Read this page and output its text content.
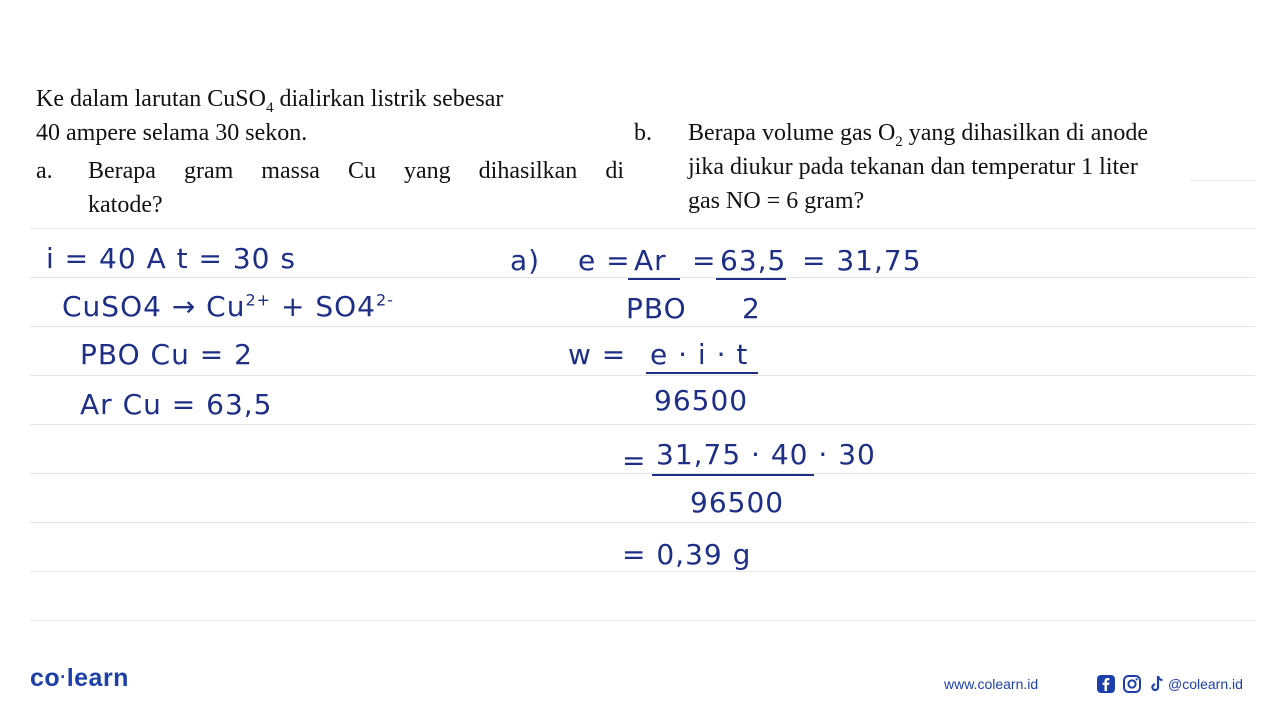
Ke dalam larutan CuSO$_4$ dialirkan listrik sebesar
40 ampere selama 30 sekon.
a. Berapa gram massa Cu yang dihasilkan di
katode?
b. Berapa volume gas $O_2$ yang dihasilkan di anode
jika diukur pada tekanan dan temperatur 1 liter
gas NO = 6 gram?
i = 40 A t = 30 s
CuSO4 → $Cu^{2+} + SO4^{2-}$
PBO Cu = 2
Ar Cu = 63,5
a) e = Ar
PBO
= 63,5
2
= 31,75
w = e · i · t
96500
= 31,75 · 40 · 30
96500
= 0,39 g
co·learn	www.colearn.id	@colearn.id
